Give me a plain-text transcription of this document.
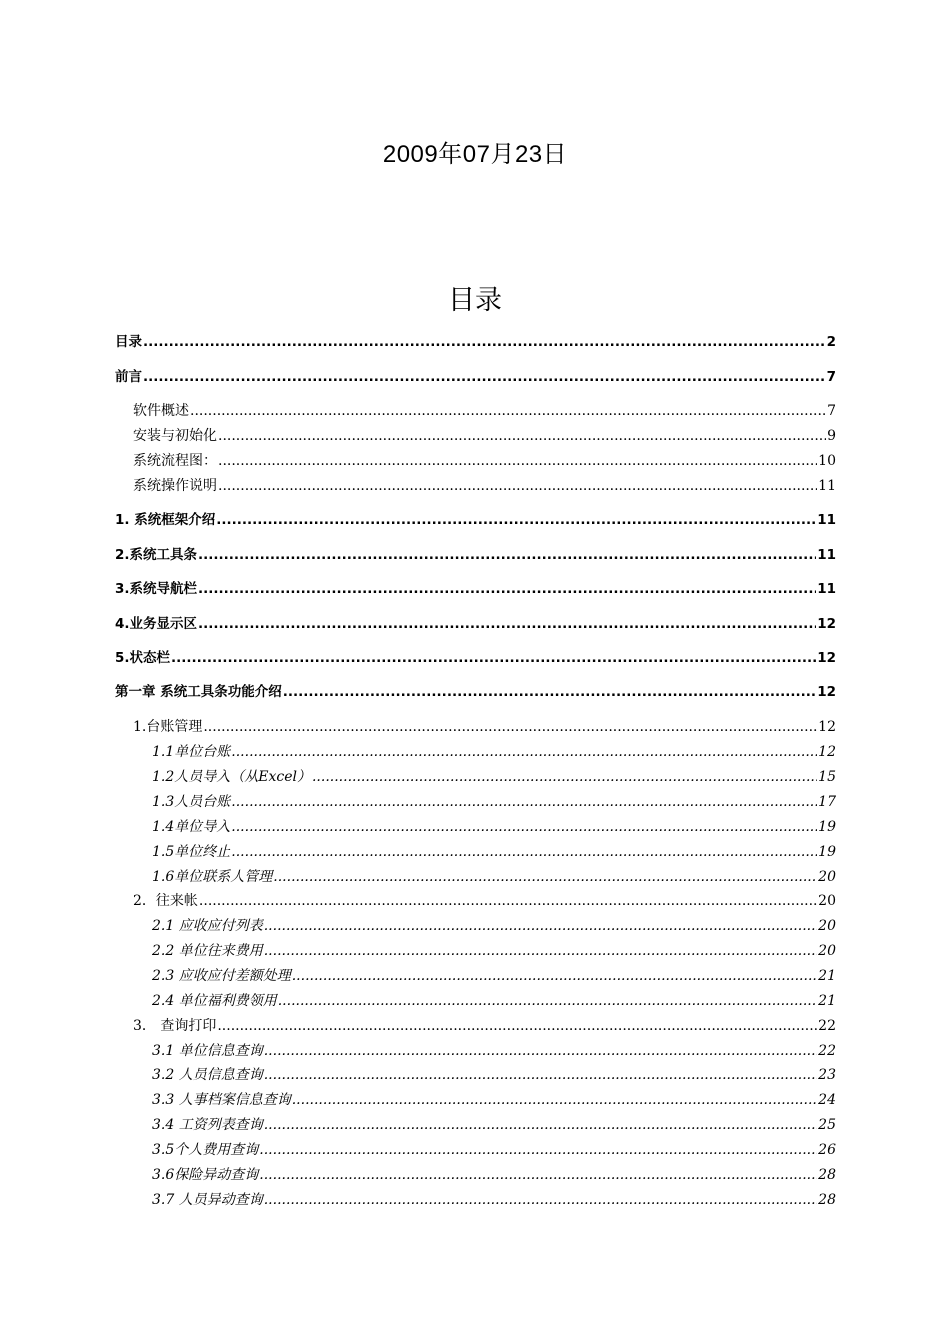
2009年07月23日
目录
目录 .....	2
前言 .....	7
软件概述 .....	7
安装与初始化 .....	9
系统流程图： .....	10
系统操作说明 .....	11
1. 系统框架介绍 .....	11
2.系统工具条 .....	11
3.系统导航栏 .....	11
4.业务显示区 .....	12
5.状态栏 .....	12
第一章 系统工具条功能介绍 .....	12
1.台账管理 .....	12
1.1单位台账 .....	12
1.2人员导入（从Excel） .....	15
1.3人员台账 .....	17
1.4单位导入 .....	19
1.5单位终止 .....	19
1.6单位联系人管理 .....	20
2．往来帐 .....	20
2.1 应收应付列表 .....	20
2.2 单位往来费用 .....	20
2.3 应收应付差额处理 .....	21
2.4 单位福利费领用 .....	21
3． 查询打印 .....	22
3.1 单位信息查询 .....	22
3.2 人员信息查询 .....	23
3.3 人事档案信息查询 .....	24
3.4 工资列表查询 .....	25
3.5个人费用查询 .....	26
3.6保险异动查询 .....	28
3.7 人员异动查询 .....	28
